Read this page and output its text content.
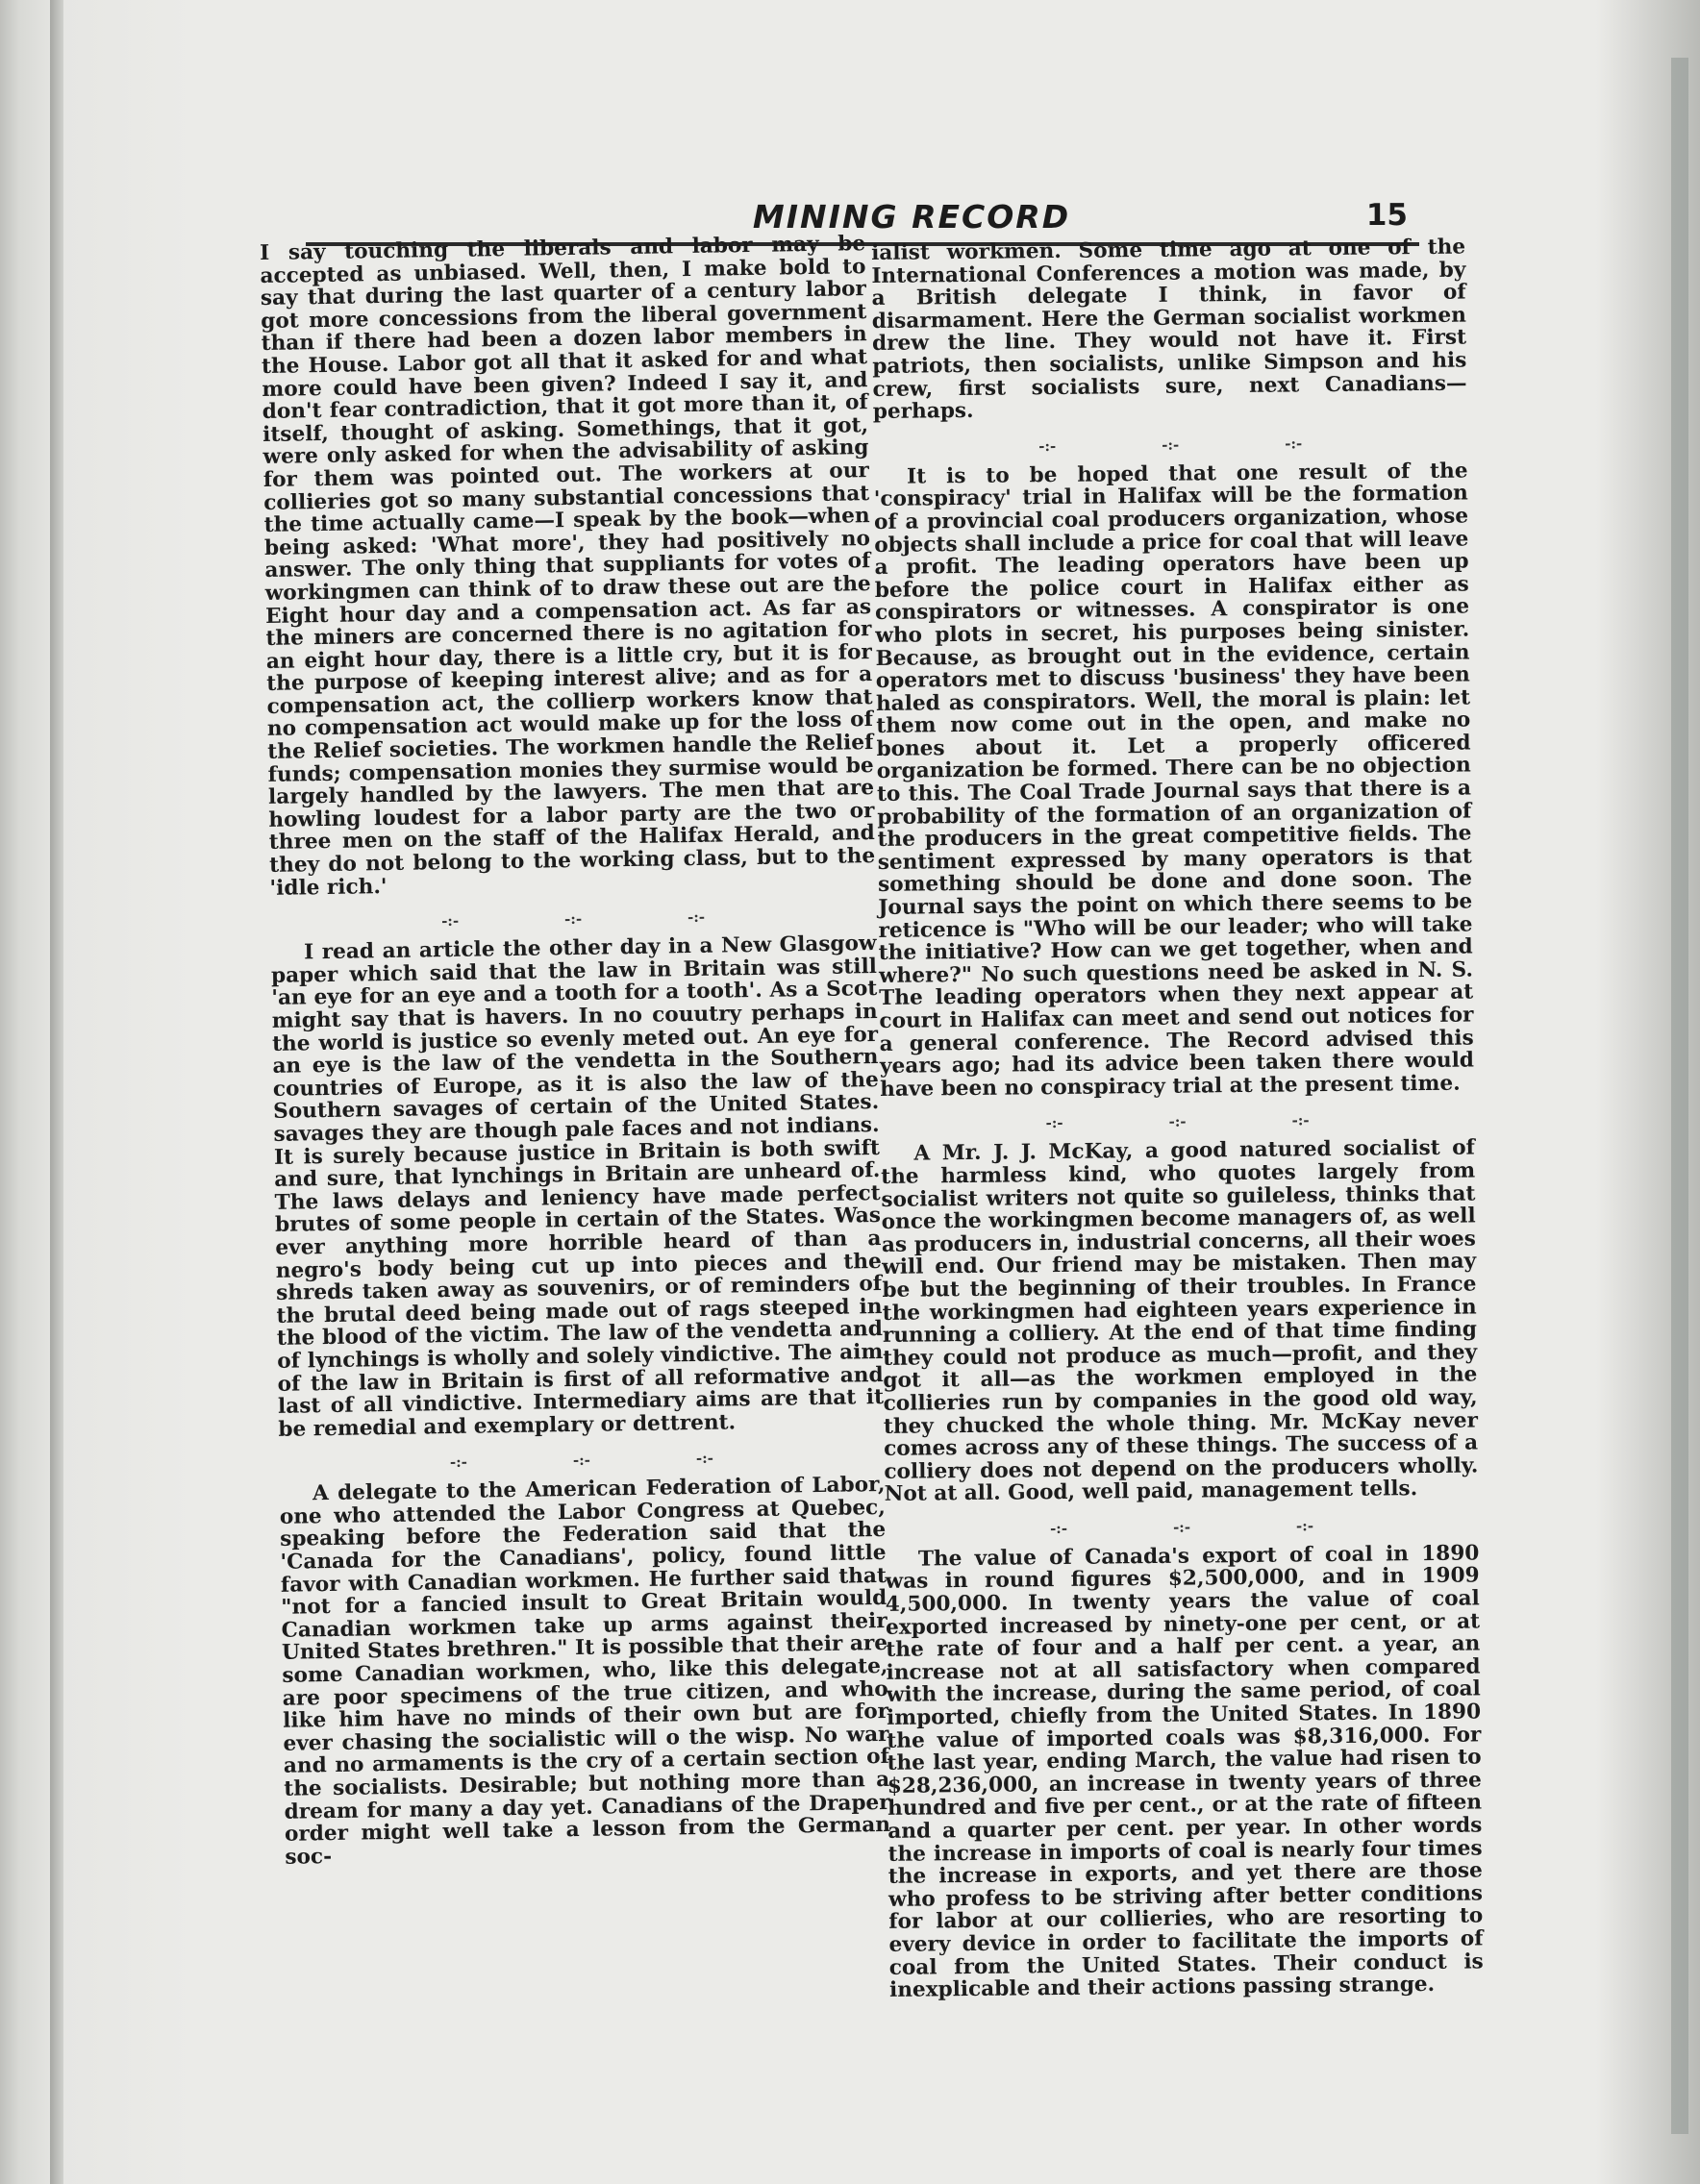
MINING RECORD	15

I say touching the liberals and labor may be accepted as unbiased. Well, then, I make bold to say that during the last quarter of a century labor got more concessions from the liberal government than if there had been a dozen labor members in the House. Labor got all that it asked for and what more could have been given? Indeed I say it, and don't fear contradiction, that it got more than it, of itself, thought of asking. Somethings, that it got, were only asked for when the advisability of asking for them was pointed out. The workers at our collieries got so many substantial concessions that the time actually came—I speak by the book—when being asked: 'What more', they had positively no answer. The only thing that suppliants for votes of workingmen can think of to draw these out are the Eight hour day and a compensation act. As far as the miners are concerned there is no agitation for an eight hour day, there is a little cry, but it is for the purpose of keeping interest alive; and as for a compensation act, the collierp workers know that no compensation act would make up for the loss of the Relief societies. The workmen handle the Relief funds; compensation monies they surmise would be largely handled by the lawyers. The men that are howling loudest for a labor party are the two or three men on the staff of the Halifax Herald, and they do not belong to the working class, but to the 'idle rich.'

-:-	-:-	-:-

I read an article the other day in a New Glasgow paper which said that the law in Britain was still 'an eye for an eye and a tooth for a tooth'. As a Scot might say that is havers. In no couutry perhaps in the world is justice so evenly meted out. An eye for an eye is the law of the vendetta in the Southern countries of Europe, as it is also the law of the Southern savages of certain of the United States. savages they are though pale faces and not indians. It is surely because justice in Britain is both swift and sure, that lynchings in Britain are unheard of. The laws delays and leniency have made perfect brutes of some people in certain of the States. Was ever anything more horrible heard of than a negro's body being cut up into pieces and the shreds taken away as souvenirs, or of reminders of the brutal deed being made out of rags steeped in the blood of the victim. The law of the vendetta and of lynchings is wholly and solely vindictive. The aim of the law in Britain is first of all reformative and last of all vindictive. Intermediary aims are that it be remedial and exemplary or dettrent.

-:-	-:-	-:-

A delegate to the American Federation of Labor, one who attended the Labor Congress at Quebec, speaking before the Federation said that the 'Canada for the Canadians', policy, found little favor with Canadian workmen. He further said that "not for a fancied insult to Great Britain would Canadian workmen take up arms against their United States brethren." It is possible that their are some Canadian workmen, who, like this delegate, are poor specimens of the true citizen, and who like him have no minds of their own but are for ever chasing the socialistic will o the wisp. No war and no armaments is the cry of a certain section of the socialists. Desirable; but nothing more than a dream for many a day yet. Canadians of the Draper order might well take a lesson from the German soc-

ialist workmen. Some time ago at one of the International Conferences a motion was made, by a British delegate I think, in favor of disarmament. Here the German socialist workmen drew the line. They would not have it. First patriots, then socialists, unlike Simpson and his crew, first socialists sure, next Canadians—perhaps.

-:-	-:-	-:-

It is to be hoped that one result of the 'conspiracy' trial in Halifax will be the formation of a provincial coal producers organization, whose objects shall include a price for coal that will leave a profit. The leading operators have been up before the police court in Halifax either as conspirators or witnesses. A conspirator is one who plots in secret, his purposes being sinister. Because, as brought out in the evidence, certain operators met to discuss 'business' they have been haled as conspirators. Well, the moral is plain: let them now come out in the open, and make no bones about it. Let a properly officered organization be formed. There can be no objection to this. The Coal Trade Journal says that there is a probability of the formation of an organization of the producers in the great competitive fields. The sentiment expressed by many operators is that something should be done and done soon. The Journal says the point on which there seems to be reticence is "Who will be our leader; who will take the initiative? How can we get together, when and where?" No such questions need be asked in N. S. The leading operators when they next appear at court in Halifax can meet and send out notices for a general conference. The Record advised this years ago; had its advice been taken there would have been no conspiracy trial at the present time.

-:-	-:-	-:-

A Mr. J. J. McKay, a good natured socialist of the harmless kind, who quotes largely from socialist writers not quite so guileless, thinks that once the workingmen become managers of, as well as producers in, industrial concerns, all their woes will end. Our friend may be mistaken. Then may be but the beginning of their troubles. In France the workingmen had eighteen years experience in running a colliery. At the end of that time finding they could not produce as much—profit, and they got it all—as the workmen employed in the collieries run by companies in the good old way, they chucked the whole thing. Mr. McKay never comes across any of these things. The success of a colliery does not depend on the producers wholly. Not at all. Good, well paid, management tells.

-:-	-:-	-:-

The value of Canada's export of coal in 1890 was in round figures $2,500,000, and in 1909 4,500,000. In twenty years the value of coal exported increased by ninety-one per cent, or at the rate of four and a half per cent. a year, an increase not at all satisfactory when compared with the increase, during the same period, of coal imported, chiefly from the United States. In 1890 the value of imported coals was $8,316,000. For the last year, ending March, the value had risen to $28,236,000, an increase in twenty years of three hundred and five per cent., or at the rate of fifteen and a quarter per cent. per year. In other words the increase in imports of coal is nearly four times the increase in exports, and yet there are those who profess to be striving after better conditions for labor at our collieries, who are resorting to every device in order to facilitate the imports of coal from the United States. Their conduct is inexplicable and their actions passing strange.
